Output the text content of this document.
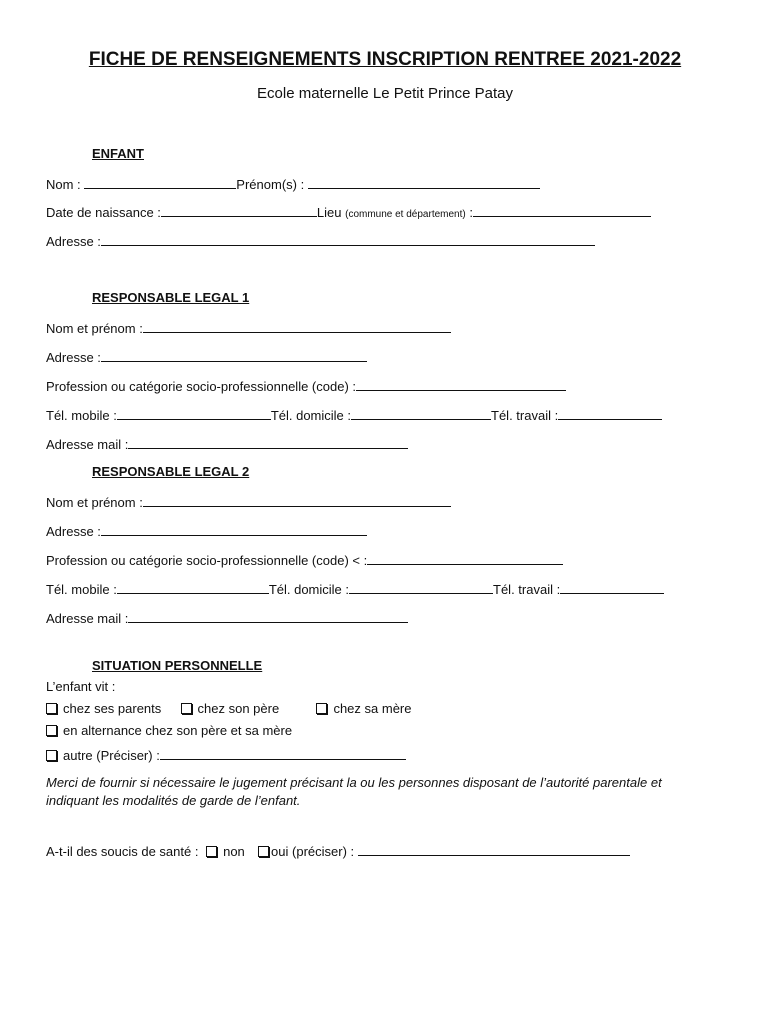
FICHE DE RENSEIGNEMENTS INSCRIPTION RENTREE 2021-2022
Ecole maternelle Le Petit Prince Patay
ENFANT
Nom :	Prénom(s) :
Date de naissance :	Lieu (commune et département) :
Adresse :
RESPONSABLE LEGAL 1
Nom et prénom :
Adresse :
Profession ou catégorie socio-professionnelle (code) :
Tél. mobile :	Tél. domicile :	Tél. travail :
Adresse mail :
RESPONSABLE LEGAL 2
Nom et prénom :
Adresse :
Profession ou catégorie socio-professionnelle (code) < :
Tél. mobile :	Tél. domicile :	Tél. travail :
Adresse mail :
SITUATION PERSONNELLE
L’enfant vit :
chez ses parents	chez son père	chez sa mère
en alternance chez son père et sa mère
autre (Préciser) :
Merci de fournir si nécessaire le jugement précisant la ou les personnes disposant de l’autorité parentale et
indiquant les modalités de garde de l’enfant.
A-t-il des soucis de santé : non oui (préciser) :
